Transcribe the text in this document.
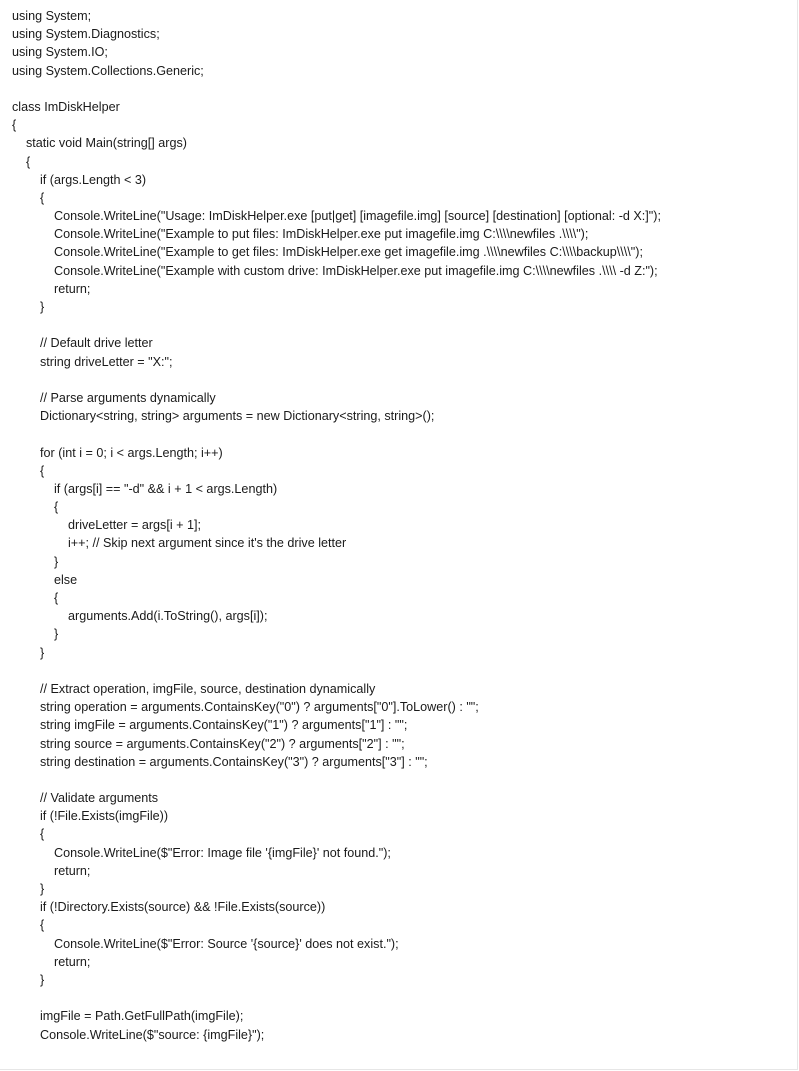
using System;
using System.Diagnostics;
using System.IO;
using System.Collections.Generic;
class ImDiskHelper
{
static void Main(string[] args)
{
if (args.Length < 3)
{
Console.WriteLine("Usage: ImDiskHelper.exe [put|get] [imagefile.img] [source] [destination] [optional: -d X:]");
Console.WriteLine("Example to put files: ImDiskHelper.exe put imagefile.img C:\\\\newfiles .\\\\");
Console.WriteLine("Example to get files: ImDiskHelper.exe get imagefile.img .\\\\newfiles C:\\\\backup\\\\");
Console.WriteLine("Example with custom drive: ImDiskHelper.exe put imagefile.img C:\\\\newfiles .\\\\ -d Z:");
return;
}
// Default drive letter
string driveLetter = "X:";
// Parse arguments dynamically
Dictionary<string, string> arguments = new Dictionary<string, string>();
for (int i = 0; i < args.Length; i++)
{
if (args[i] == "-d" && i + 1 < args.Length)
{
driveLetter = args[i + 1];
i++; // Skip next argument since it's the drive letter
}
else
{
arguments.Add(i.ToString(), args[i]);
}
}
// Extract operation, imgFile, source, destination dynamically
string operation = arguments.ContainsKey("0") ? arguments["0"].ToLower() : "";
string imgFile = arguments.ContainsKey("1") ? arguments["1"] : "";
string source = arguments.ContainsKey("2") ? arguments["2"] : "";
string destination = arguments.ContainsKey("3") ? arguments["3"] : "";
// Validate arguments
if (!File.Exists(imgFile))
{
Console.WriteLine($"Error: Image file '{imgFile}' not found.");
return;
}
if (!Directory.Exists(source) && !File.Exists(source))
{
Console.WriteLine($"Error: Source '{source}' does not exist.");
return;
}
imgFile = Path.GetFullPath(imgFile);
Console.WriteLine($"source: {imgFile}");
